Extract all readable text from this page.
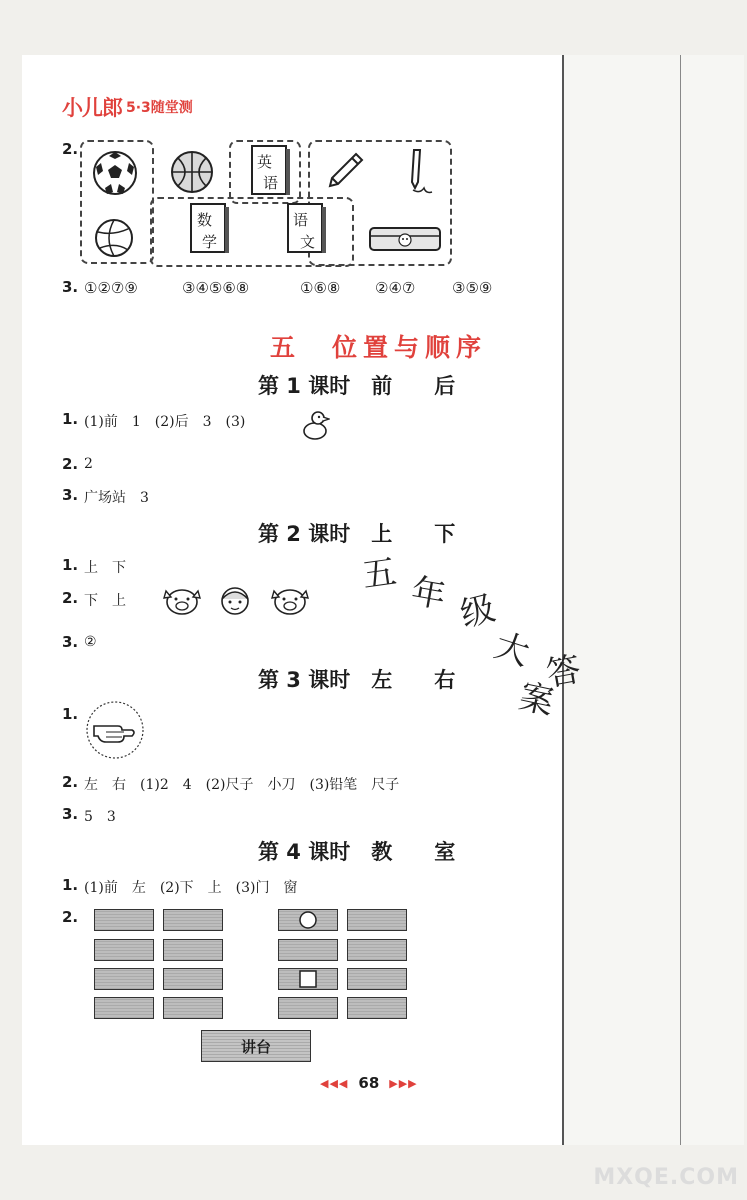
小儿郎 5·3随堂测
2.
英
语
数
学
语
文
3. ①②⑦⑨	③④⑤⑥⑧	①⑥⑧ ②④⑦ ③⑤⑨
五　位置与顺序
第 1 课时　前　　后
1. (1)前　1　(2)后　3　(3)
2. 2
3. 广场站　3
第 2 课时　上　　下
1. 上　下
2. 下　上
3. ②
第 3 课时　左　　右
1.
2. 左　右　(1)2　4　(2)尺子　小刀　(3)铅笔　尺子
3. 5　3
第 4 课时　教　　室
1. (1)前　左　(2)下　上　(3)门　窗
2.
讲台
五 年 级
大 答
案
◀◀◀ 68 ▶▶▶
MXQE.COM
